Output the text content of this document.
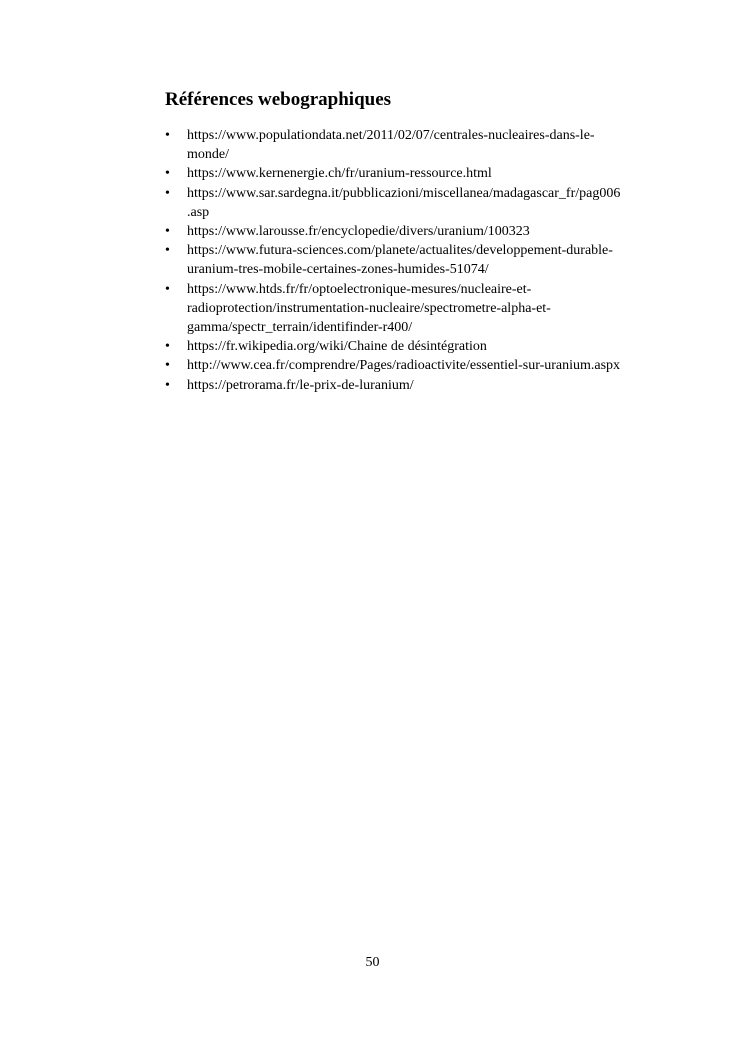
Références webographiques
•	https://www.populationdata.net/2011/02/07/centrales-nucleaires-dans-le-
monde/
•	https://www.kernenergie.ch/fr/uranium-ressource.html
•	https://www.sar.sardegna.it/pubblicazioni/miscellanea/madagascar_fr/pag006
.asp
•	https://www.larousse.fr/encyclopedie/divers/uranium/100323
•	https://www.futura-sciences.com/planete/actualites/developpement-durable-
uranium-tres-mobile-certaines-zones-humides-51074/
•	https://www.htds.fr/fr/optoelectronique-mesures/nucleaire-et-
radioprotection/instrumentation-nucleaire/spectrometre-alpha-et-
gamma/spectr_terrain/identifinder-r400/
•	https://fr.wikipedia.org/wiki/Chaine de désintégration
•	http://www.cea.fr/comprendre/Pages/radioactivite/essentiel-sur-uranium.aspx
•	https://petrorama.fr/le-prix-de-luranium/
50
